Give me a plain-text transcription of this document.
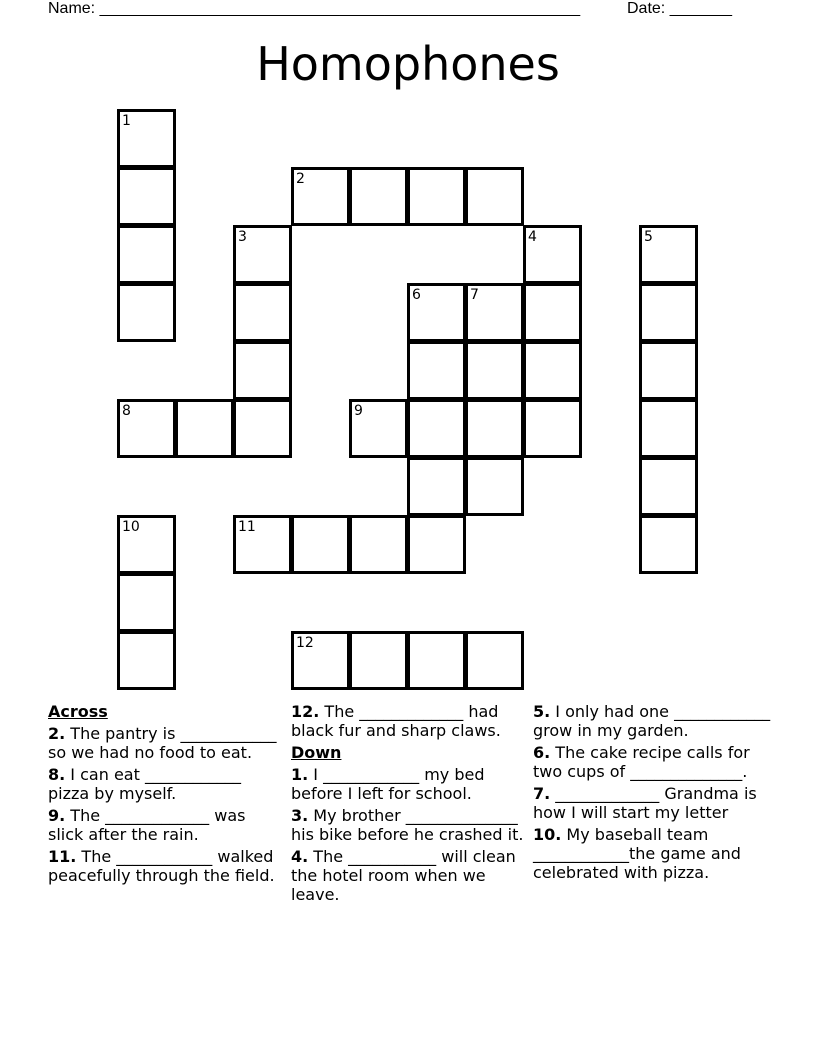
Name: ______________________________________________________	Date: _______
Homophones
1
2
3	4	5
6	7
8	9
10	11
12
Across
2. The pantry is ____________ so we had no food to eat.
8. I can eat ____________ pizza by myself.
9. The _____________ was slick after the rain.
11. The ____________ walked peacefully through the field.
12. The _____________ had black fur and sharp claws.
Down
1. I ____________ my bed before I left for school.
3. My brother ______________ his bike before he crashed it.
4. The ___________ will clean the hotel room when we leave.
5. I only had one ____________ grow in my garden.
6. The cake recipe calls for two cups of ______________.
7. _____________ Grandma is how I will start my letter
10. My baseball team ____________the game and celebrated with pizza.
